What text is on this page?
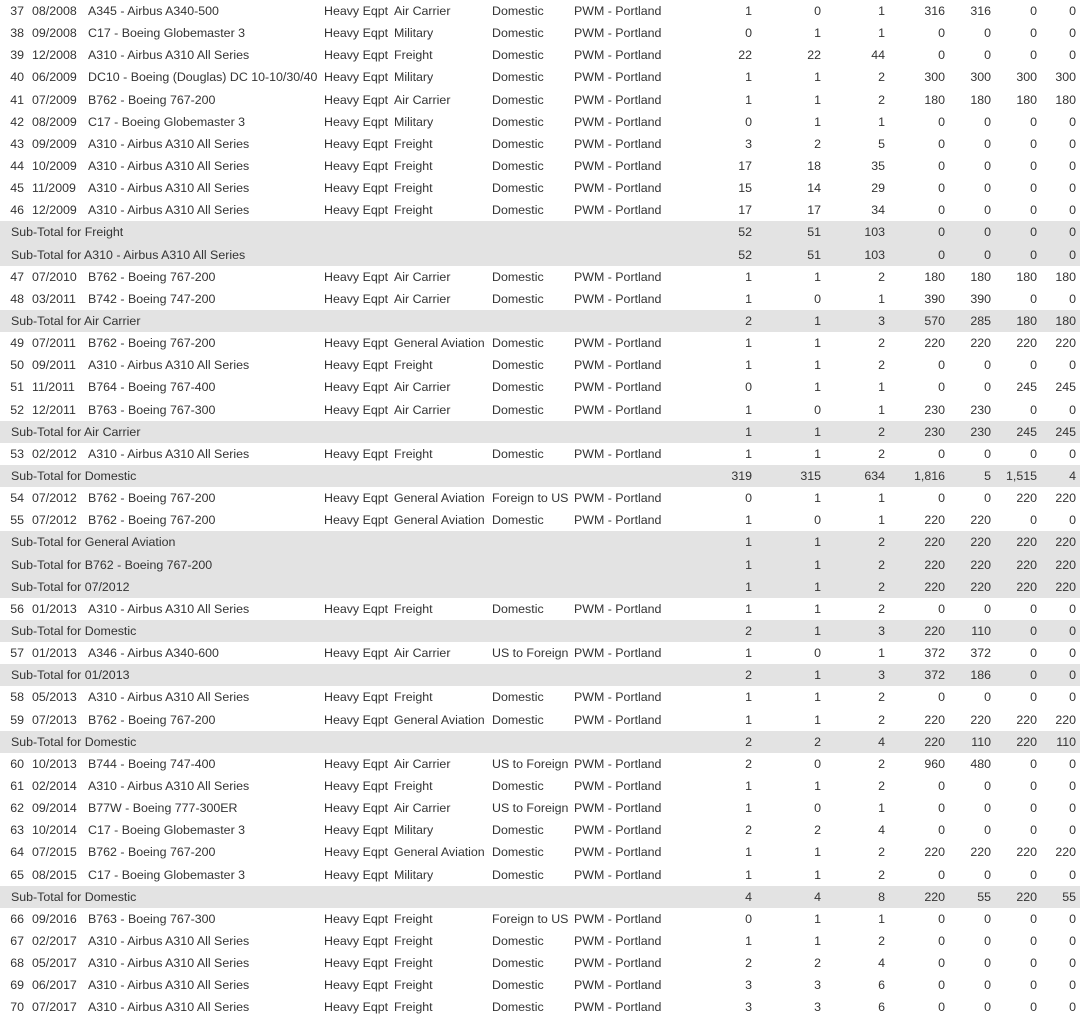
37	08/2008	A345 - Airbus A340-500	Heavy Eqpt	Air Carrier	Domestic	PWM - Portland		1	0	1	316	316	0	0
38	09/2008	C17 - Boeing Globemaster 3	Heavy Eqpt	Military	Domestic	PWM - Portland		0	1	1	0	0	0	0
39	12/2008	A310 - Airbus A310 All Series	Heavy Eqpt	Freight	Domestic	PWM - Portland		22	22	44	0	0	0	0
40	06/2009	DC10 - Boeing (Douglas) DC 10-10/30/40	Heavy Eqpt	Military	Domestic	PWM - Portland		1	1	2	300	300	300	300
41	07/2009	B762 - Boeing 767-200	Heavy Eqpt	Air Carrier	Domestic	PWM - Portland		1	1	2	180	180	180	180
42	08/2009	C17 - Boeing Globemaster 3	Heavy Eqpt	Military	Domestic	PWM - Portland		0	1	1	0	0	0	0
43	09/2009	A310 - Airbus A310 All Series	Heavy Eqpt	Freight	Domestic	PWM - Portland		3	2	5	0	0	0	0
44	10/2009	A310 - Airbus A310 All Series	Heavy Eqpt	Freight	Domestic	PWM - Portland		17	18	35	0	0	0	0
45	11/2009	A310 - Airbus A310 All Series	Heavy Eqpt	Freight	Domestic	PWM - Portland		15	14	29	0	0	0	0
46	12/2009	A310 - Airbus A310 All Series	Heavy Eqpt	Freight	Domestic	PWM - Portland		17	17	34	0	0	0	0
Sub-Total for Freight								52	51	103	0	0	0	0
Sub-Total for A310 - Airbus A310 All Series								52	51	103	0	0	0	0
47	07/2010	B762 - Boeing 767-200	Heavy Eqpt	Air Carrier	Domestic	PWM - Portland		1	1	2	180	180	180	180
48	03/2011	B742 - Boeing 747-200	Heavy Eqpt	Air Carrier	Domestic	PWM - Portland		1	0	1	390	390	0	0
Sub-Total for Air Carrier								2	1	3	570	285	180	180
49	07/2011	B762 - Boeing 767-200	Heavy Eqpt	General Aviation	Domestic	PWM - Portland		1	1	2	220	220	220	220
50	09/2011	A310 - Airbus A310 All Series	Heavy Eqpt	Freight	Domestic	PWM - Portland		1	1	2	0	0	0	0
51	11/2011	B764 - Boeing 767-400	Heavy Eqpt	Air Carrier	Domestic	PWM - Portland		0	1	1	0	0	245	245
52	12/2011	B763 - Boeing 767-300	Heavy Eqpt	Air Carrier	Domestic	PWM - Portland		1	0	1	230	230	0	0
Sub-Total for Air Carrier								1	1	2	230	230	245	245
53	02/2012	A310 - Airbus A310 All Series	Heavy Eqpt	Freight	Domestic	PWM - Portland		1	1	2	0	0	0	0
Sub-Total for Domestic								319	315	634	1,816	5	1,515	4
54	07/2012	B762 - Boeing 767-200	Heavy Eqpt	General Aviation	Foreign to US	PWM - Portland		0	1	1	0	0	220	220
55	07/2012	B762 - Boeing 767-200	Heavy Eqpt	General Aviation	Domestic	PWM - Portland		1	0	1	220	220	0	0
Sub-Total for General Aviation								1	1	2	220	220	220	220
Sub-Total for B762 - Boeing 767-200								1	1	2	220	220	220	220
Sub-Total for 07/2012								1	1	2	220	220	220	220
56	01/2013	A310 - Airbus A310 All Series	Heavy Eqpt	Freight	Domestic	PWM - Portland		1	1	2	0	0	0	0
Sub-Total for Domestic								2	1	3	220	110	0	0
57	01/2013	A346 - Airbus A340-600	Heavy Eqpt	Air Carrier	US to Foreign	PWM - Portland		1	0	1	372	372	0	0
Sub-Total for 01/2013								2	1	3	372	186	0	0
58	05/2013	A310 - Airbus A310 All Series	Heavy Eqpt	Freight	Domestic	PWM - Portland		1	1	2	0	0	0	0
59	07/2013	B762 - Boeing 767-200	Heavy Eqpt	General Aviation	Domestic	PWM - Portland		1	1	2	220	220	220	220
Sub-Total for Domestic								2	2	4	220	110	220	110
60	10/2013	B744 - Boeing 747-400	Heavy Eqpt	Air Carrier	US to Foreign	PWM - Portland		2	0	2	960	480	0	0
61	02/2014	A310 - Airbus A310 All Series	Heavy Eqpt	Freight	Domestic	PWM - Portland		1	1	2	0	0	0	0
62	09/2014	B77W - Boeing 777-300ER	Heavy Eqpt	Air Carrier	US to Foreign	PWM - Portland		1	0	1	0	0	0	0
63	10/2014	C17 - Boeing Globemaster 3	Heavy Eqpt	Military	Domestic	PWM - Portland		2	2	4	0	0	0	0
64	07/2015	B762 - Boeing 767-200	Heavy Eqpt	General Aviation	Domestic	PWM - Portland		1	1	2	220	220	220	220
65	08/2015	C17 - Boeing Globemaster 3	Heavy Eqpt	Military	Domestic	PWM - Portland		1	1	2	0	0	0	0
Sub-Total for Domestic								4	4	8	220	55	220	55
66	09/2016	B763 - Boeing 767-300	Heavy Eqpt	Freight	Foreign to US	PWM - Portland		0	1	1	0	0	0	0
67	02/2017	A310 - Airbus A310 All Series	Heavy Eqpt	Freight	Domestic	PWM - Portland		1	1	2	0	0	0	0
68	05/2017	A310 - Airbus A310 All Series	Heavy Eqpt	Freight	Domestic	PWM - Portland		2	2	4	0	0	0	0
69	06/2017	A310 - Airbus A310 All Series	Heavy Eqpt	Freight	Domestic	PWM - Portland		3	3	6	0	0	0	0
70	07/2017	A310 - Airbus A310 All Series	Heavy Eqpt	Freight	Domestic	PWM - Portland		3	3	6	0	0	0	0
